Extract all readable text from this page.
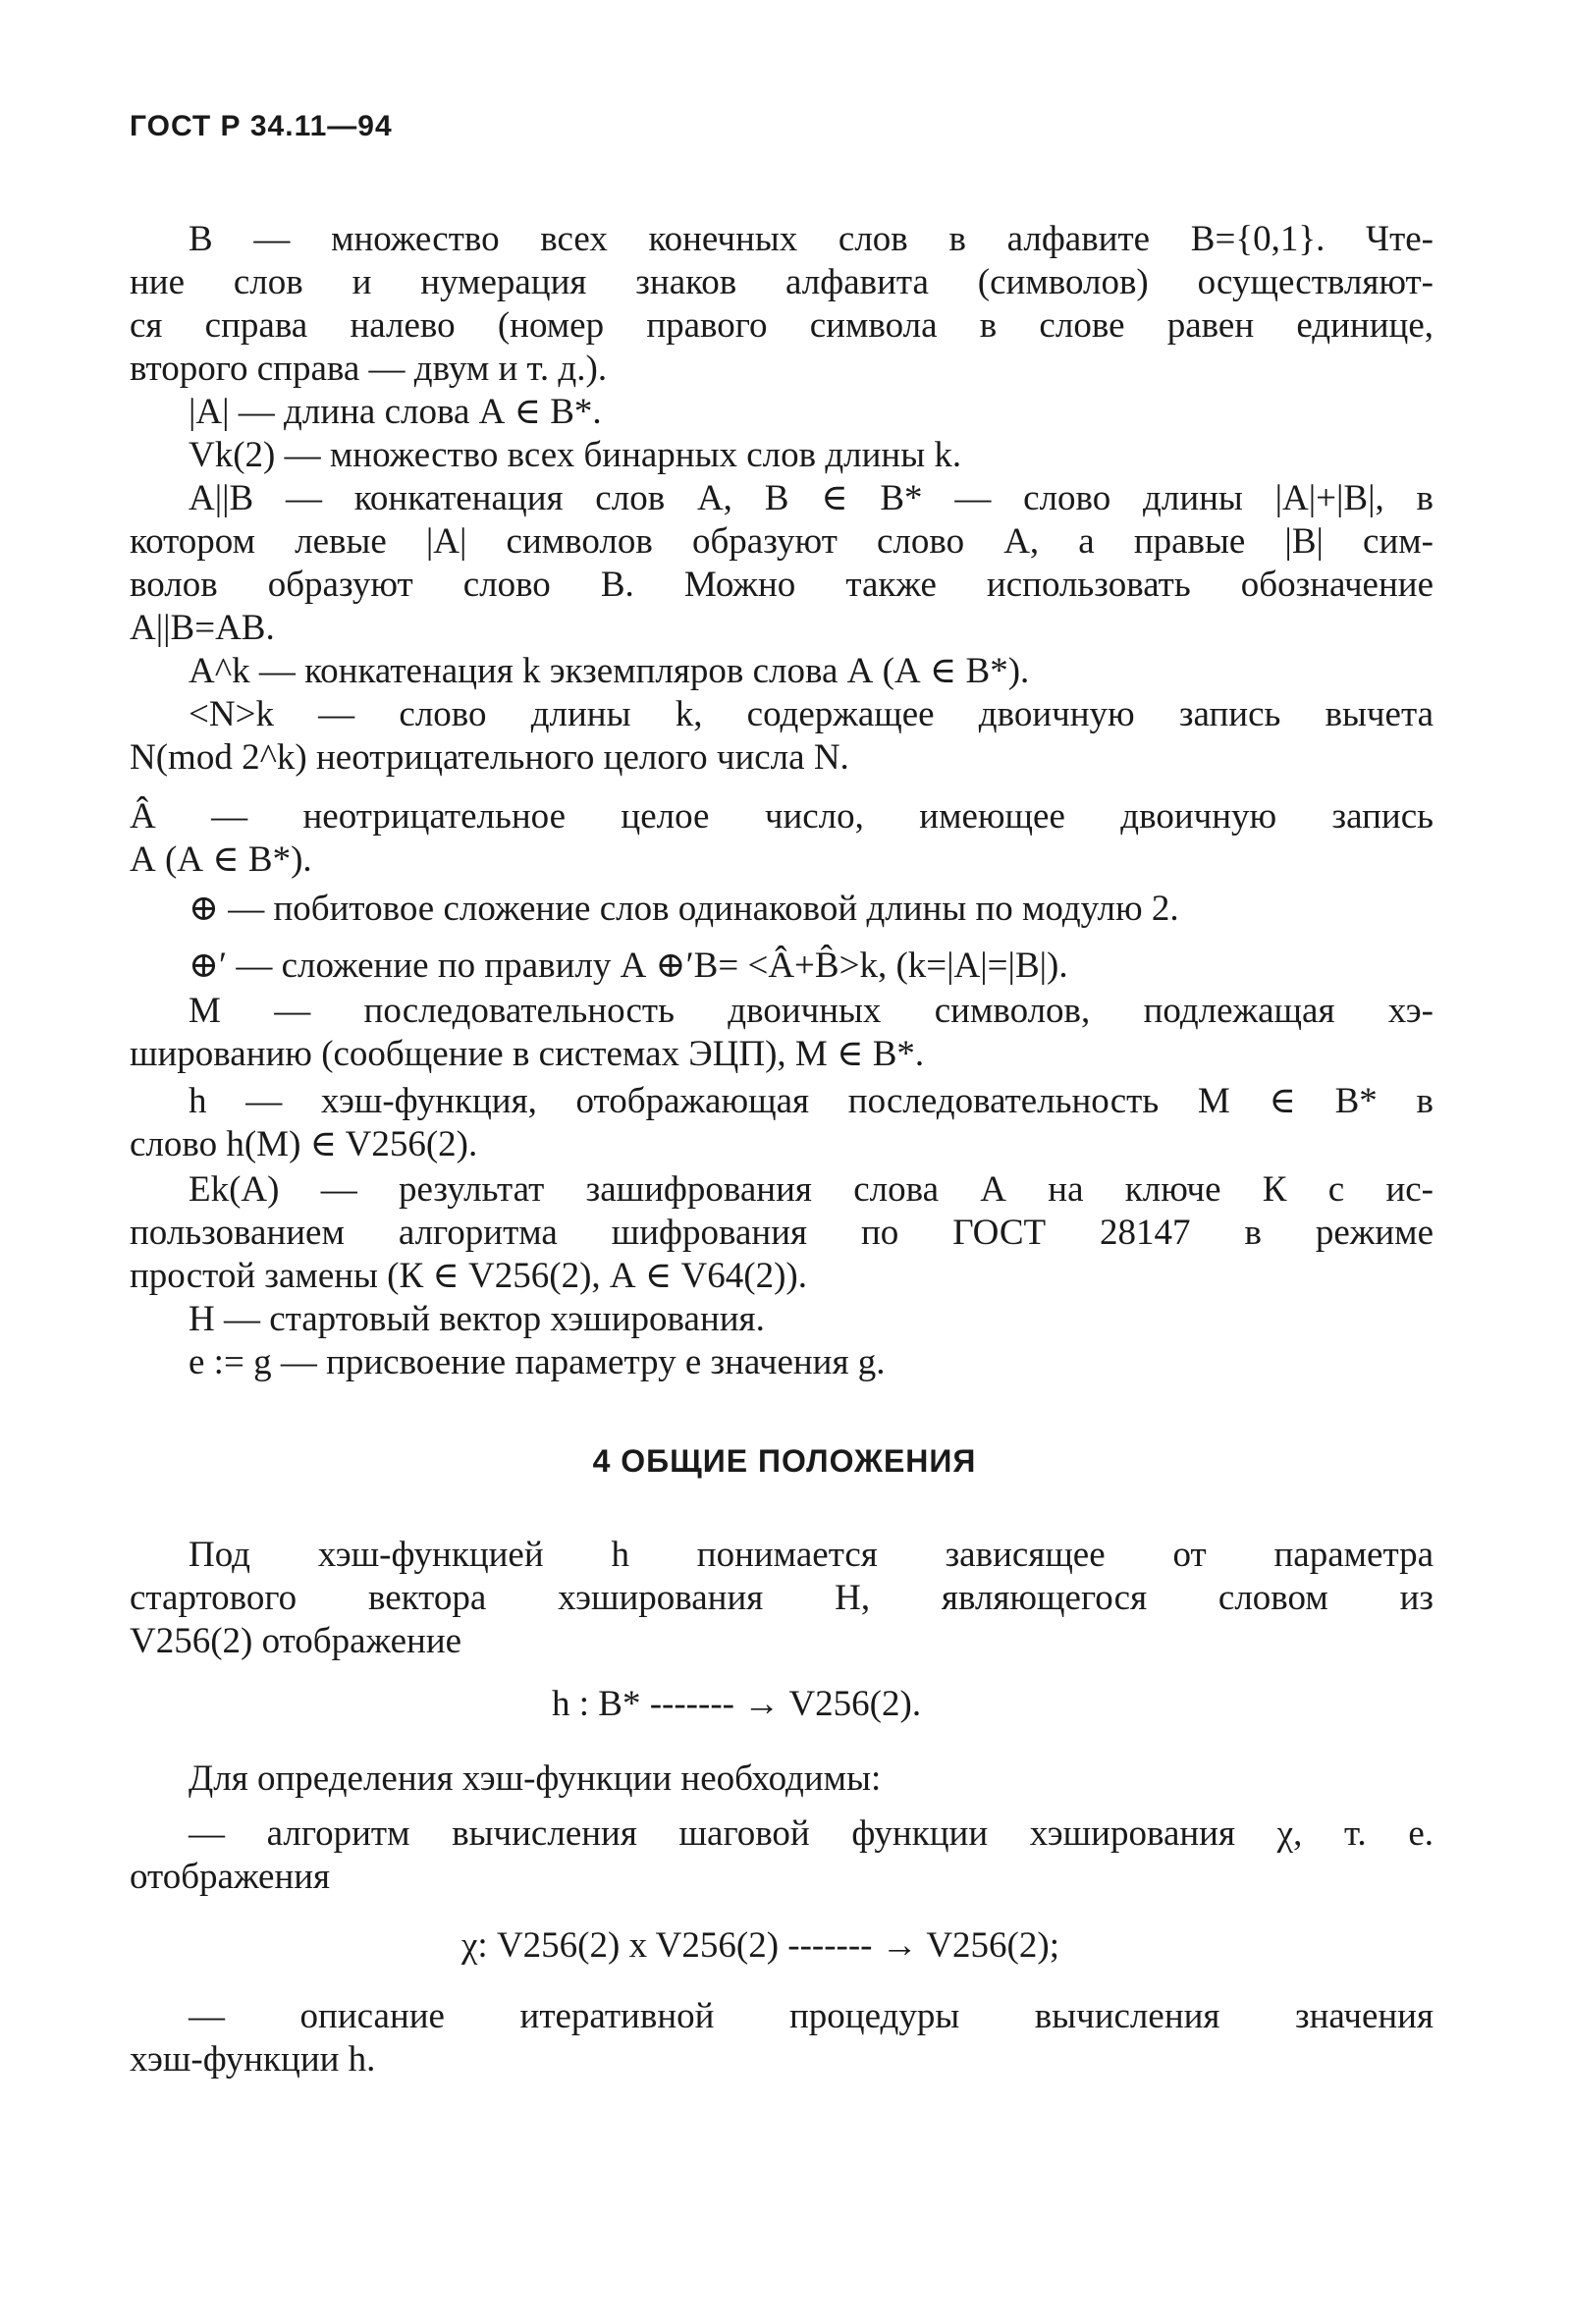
ГОСТ Р 34.11—94
В — множество всех конечных слов в алфавите В={0,1}. Чте-
ние слов и нумерация знаков алфавита (символов) осуществляют-
ся справа налево (номер правого символа в слове равен единице,
второго справа — двум и т. д.).
|А| — длина слова А ∈ В*.
Vk(2) — множество всех бинарных слов длины k.
А||В — конкатенация слов А, В ∈ В* — слово длины |А|+|В|, в
котором левые |А| символов образуют слово А, а правые |В| сим-
волов образуют слово В. Можно также использовать обозначение
А||В=АВ.
А^k — конкатенация k экземпляров слова А (А ∈ В*).
<N>k — слово длины k, содержащее двоичную запись вычета
N(mod 2^k) неотрицательного целого числа N.
Â — неотрицательное целое число, имеющее двоичную запись
А (А ∈ В*).
⊕ — побитовое сложение слов одинаковой длины по модулю 2.
⊕′ — сложение по правилу А ⊕′В= <Â+B̂>k, (k=|А|=|В|).
М — последовательность двоичных символов, подлежащая хэ-
шированию (сообщение в системах ЭЦП), М ∈ В*.
h — хэш-функция, отображающая последовательность М ∈ В* в
слово h(M) ∈ V256(2).
Ek(А) — результат зашифрования слова А на ключе К с ис-
пользованием алгоритма шифрования по ГОСТ 28147 в режиме
простой замены (К ∈ V256(2), А ∈ V64(2)).
Н — стартовый вектор хэширования.
е := g — присвоение параметру е значения g.
4 ОБЩИЕ ПОЛОЖЕНИЯ
Под хэш-функцией h понимается зависящее от параметра
стартового вектора хэширования Н, являющегося словом из
V256(2) отображение
h : В* ------- → V256(2).
Для определения хэш-функции необходимы:
— алгоритм вычисления шаговой функции хэширования χ, т. е.
отображения
χ: V256(2) x V256(2) ------- → V256(2);
— описание итеративной процедуры вычисления значения
хэш-функции h.
